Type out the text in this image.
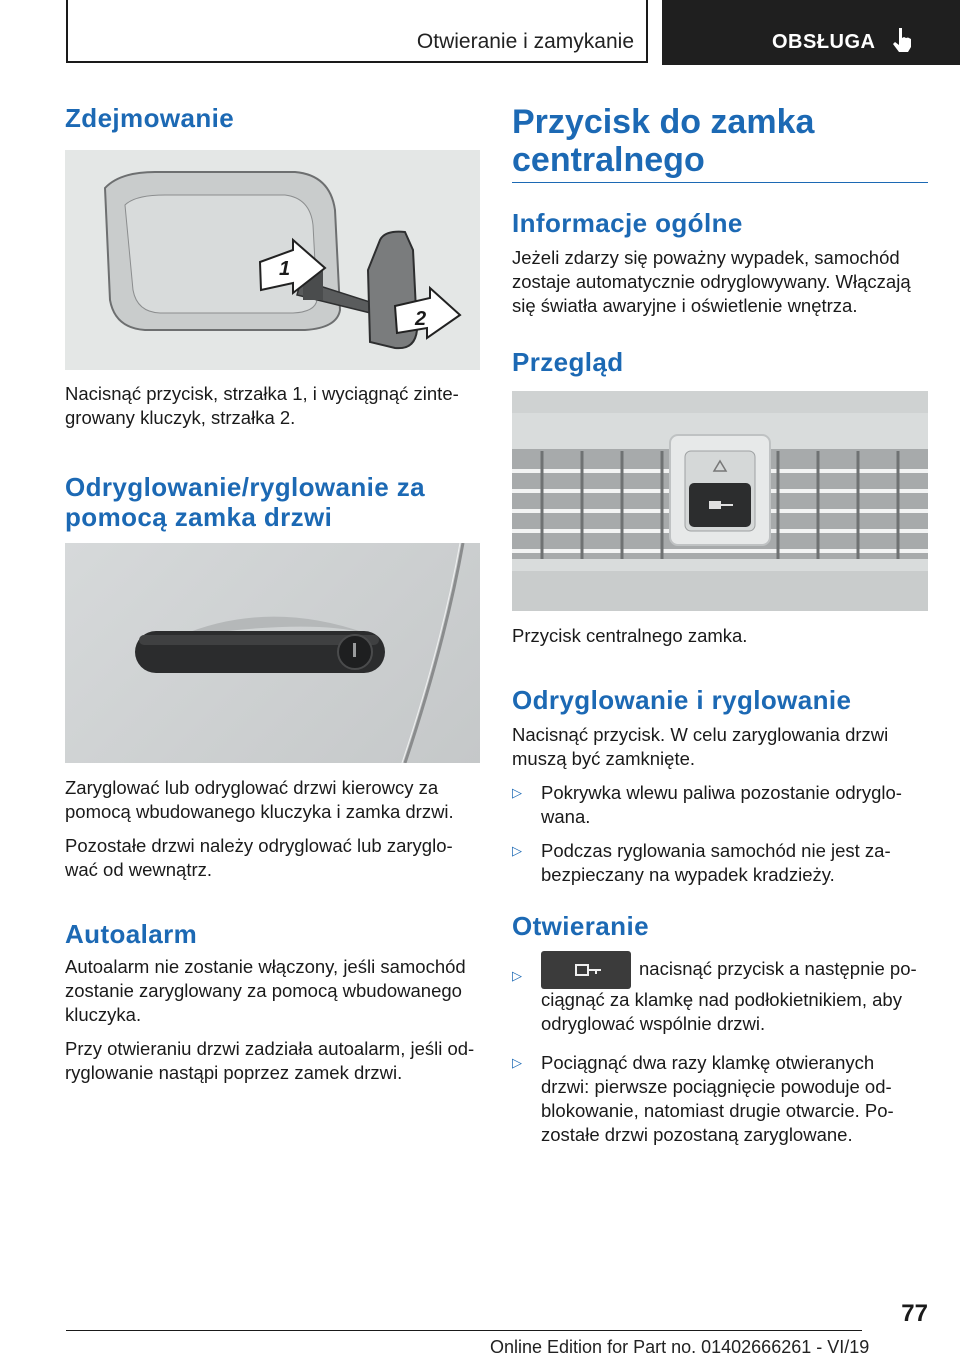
Otwieranie i zamykanie	OBSŁUGA
Zdejmowanie
1
2

Nacisnąć przycisk, strzałka 1, i wyciągnąć zinte-

growany kluczyk, strzałka 2.

Odryglowanie/ryglowanie za
pomocą zamka drzwi

Zaryglować lub odryglować drzwi kierowcy za

pomocą wbudowanego kluczyka i zamka drzwi.

Pozostałe drzwi należy odryglować lub zaryglo-

wać od wewnątrz.

Autoalarm

Autoalarm nie zostanie włączony, jeśli samochód

zostanie zaryglowany za pomocą wbudowanego

kluczyka.

Przy otwieraniu drzwi zadziała autoalarm, jeśli od-

ryglowanie nastąpi poprzez zamek drzwi.

Przycisk do zamka
centralnego
Informacje ogólne

Jeżeli zdarzy się poważny wypadek, samochód

zostaje automatycznie odryglowywany. Włączają

się światła awaryjne i oświetlenie wnętrza.

Przegląd

Przycisk centralnego zamka.

Odryglowanie i ryglowanie

Nacisnąć przycisk. W celu zaryglowania drzwi

muszą być zamknięte.

▷ Pokrywka wlewu paliwa pozostanie odryglo-
wana.
▷ Podczas ryglowania samochód nie jest za-
bezpieczany na wypadek kradzieży.
Otwieranie
▷	nacisnąć przycisk a następnie po-
ciągnąć za klamkę nad podłokietnikiem, aby
odryglować wspólnie drzwi.
▷ Pociągnąć dwa razy klamkę otwieranych
drzwi: pierwsze pociągnięcie powoduje od-
blokowanie, natomiast drugie otwarcie. Po-
zostałe drzwi pozostaną zaryglowane.
77
Online Edition for Part no. 01402666261 - VI/19
